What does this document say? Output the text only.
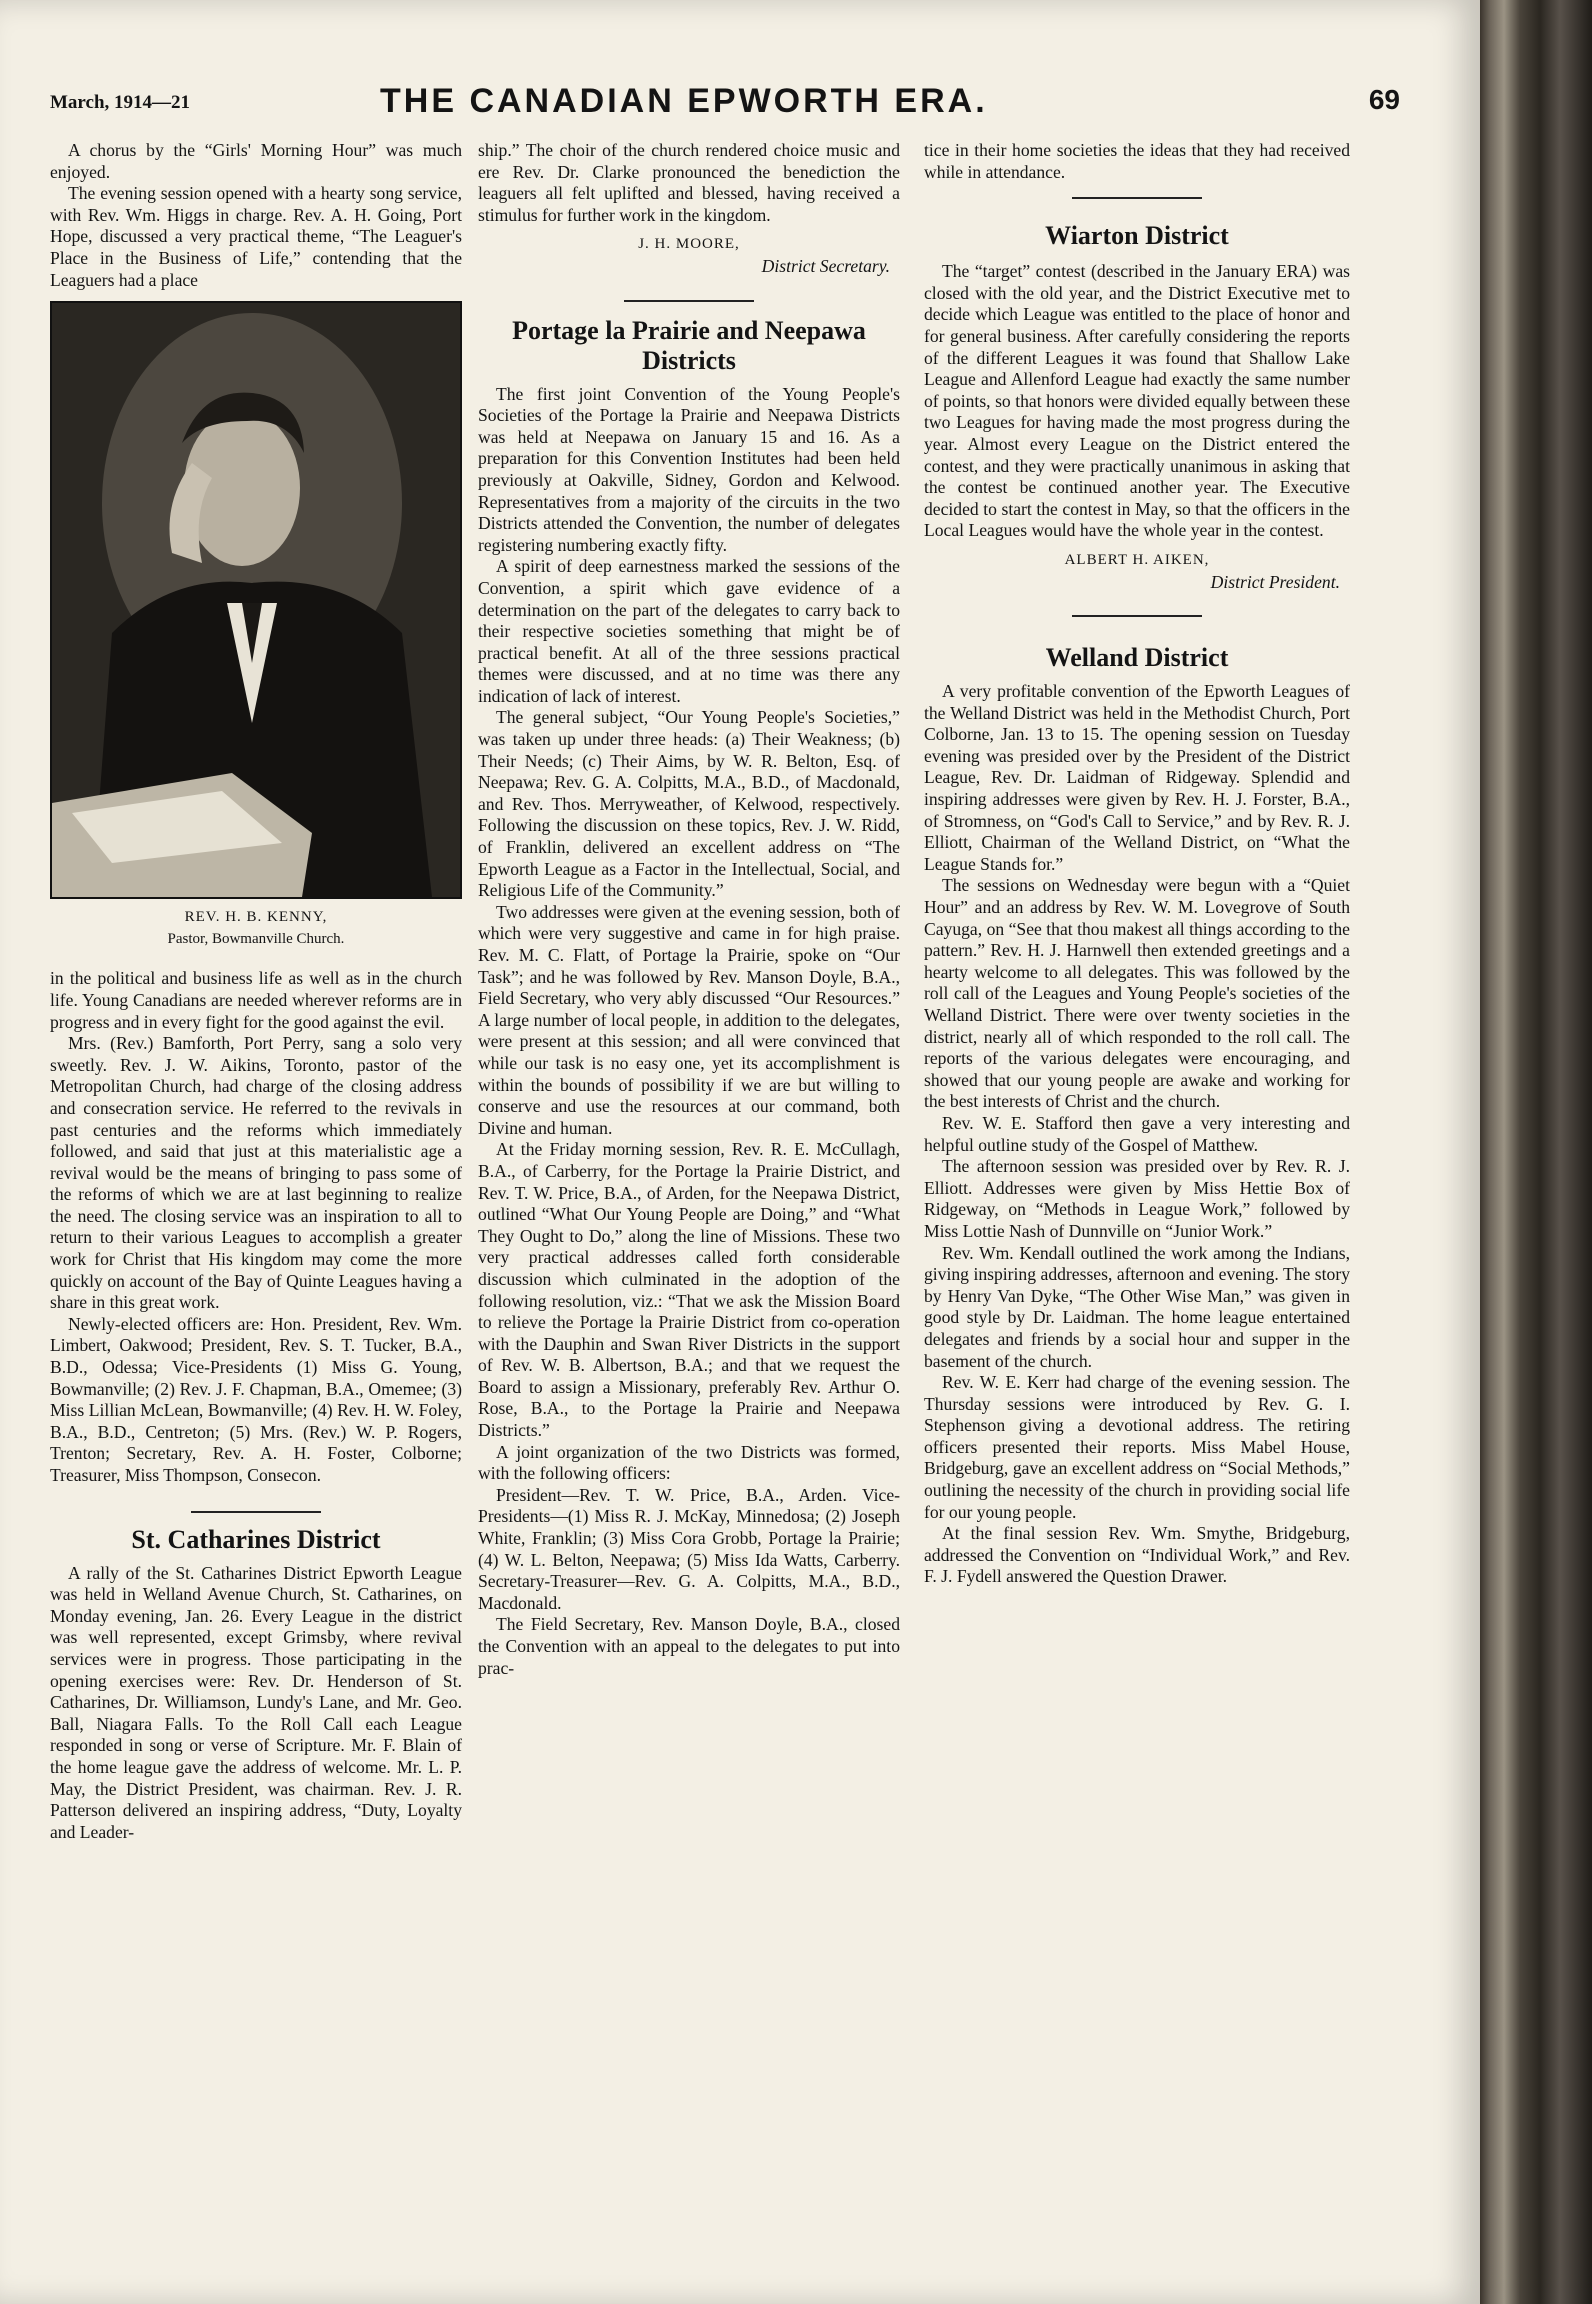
March, 1914—21	THE CANADIAN EPWORTH ERA.	69

A chorus by the “Girls' Morning Hour” was much enjoyed.

The evening session opened with a hearty song service, with Rev. Wm. Higgs in charge. Rev. A. H. Going, Port Hope, discussed a very practical theme, “The Leaguer's Place in the Business of Life,” contending that the Leaguers had a place

REV. H. B. KENNY,
Pastor, Bowmanville Church.

in the political and business life as well as in the church life. Young Canadians are needed wherever reforms are in progress and in every fight for the good against the evil.

Mrs. (Rev.) Bamforth, Port Perry, sang a solo very sweetly. Rev. J. W. Aikins, Toronto, pastor of the Metropolitan Church, had charge of the closing address and consecration service. He referred to the revivals in past centuries and the reforms which immediately followed, and said that just at this materialistic age a revival would be the means of bringing to pass some of the reforms of which we are at last beginning to realize the need. The closing service was an inspiration to all to return to their various Leagues to accomplish a greater work for Christ that His kingdom may come the more quickly on account of the Bay of Quinte Leagues having a share in this great work.

Newly-elected officers are: Hon. President, Rev. Wm. Limbert, Oakwood; President, Rev. S. T. Tucker, B.A., B.D., Odessa; Vice-Presidents (1) Miss G. Young, Bowmanville; (2) Rev. J. F. Chapman, B.A., Omemee; (3) Miss Lillian McLean, Bowmanville; (4) Rev. H. W. Foley, B.A., B.D., Centreton; (5) Mrs. (Rev.) W. P. Rogers, Trenton; Secretary, Rev. A. H. Foster, Colborne; Treasurer, Miss Thompson, Consecon.

St. Catharines District

A rally of the St. Catharines District Epworth League was held in Welland Avenue Church, St. Catharines, on Monday evening, Jan. 26. Every League in the district was well represented, except Grimsby, where revival services were in progress. Those participating in the opening exercises were: Rev. Dr. Henderson of St. Catharines, Dr. Williamson, Lundy's Lane, and Mr. Geo. Ball, Niagara Falls. To the Roll Call each League responded in song or verse of Scripture. Mr. F. Blain of the home league gave the address of welcome. Mr. L. P. May, the District President, was chairman. Rev. J. R. Patterson delivered an inspiring address, “Duty, Loyalty and Leader-

ship.” The choir of the church rendered choice music and ere Rev. Dr. Clarke pronounced the benediction the leaguers all felt uplifted and blessed, having received a stimulus for further work in the kingdom.

J. H. MOORE,
District Secretary.
Portage la Prairie and Neepawa Districts

The first joint Convention of the Young People's Societies of the Portage la Prairie and Neepawa Districts was held at Neepawa on January 15 and 16. As a preparation for this Convention Institutes had been held previously at Oakville, Sidney, Gordon and Kelwood. Representatives from a majority of the circuits in the two Districts attended the Convention, the number of delegates registering numbering exactly fifty.

A spirit of deep earnestness marked the sessions of the Convention, a spirit which gave evidence of a determination on the part of the delegates to carry back to their respective societies something that might be of practical benefit. At all of the three sessions practical themes were discussed, and at no time was there any indication of lack of interest.

The general subject, “Our Young People's Societies,” was taken up under three heads: (a) Their Weakness; (b) Their Needs; (c) Their Aims, by W. R. Belton, Esq. of Neepawa; Rev. G. A. Colpitts, M.A., B.D., of Macdonald, and Rev. Thos. Merryweather, of Kelwood, respectively. Following the discussion on these topics, Rev. J. W. Ridd, of Franklin, delivered an excellent address on “The Epworth League as a Factor in the Intellectual, Social, and Religious Life of the Community.”

Two addresses were given at the evening session, both of which were very suggestive and came in for high praise. Rev. M. C. Flatt, of Portage la Prairie, spoke on “Our Task”; and he was followed by Rev. Manson Doyle, B.A., Field Secretary, who very ably discussed “Our Resources.” A large number of local people, in addition to the delegates, were present at this session; and all were convinced that while our task is no easy one, yet its accomplishment is within the bounds of possibility if we are but willing to conserve and use the resources at our command, both Divine and human.

At the Friday morning session, Rev. R. E. McCullagh, B.A., of Carberry, for the Portage la Prairie District, and Rev. T. W. Price, B.A., of Arden, for the Neepawa District, outlined “What Our Young People are Doing,” and “What They Ought to Do,” along the line of Missions. These two very practical addresses called forth considerable discussion which culminated in the adoption of the following resolution, viz.: “That we ask the Mission Board to relieve the Portage la Prairie District from co-operation with the Dauphin and Swan River Districts in the support of Rev. W. B. Albertson, B.A.; and that we request the Board to assign a Missionary, preferably Rev. Arthur O. Rose, B.A., to the Portage la Prairie and Neepawa Districts.”

A joint organization of the two Districts was formed, with the following officers:

President—Rev. T. W. Price, B.A., Arden. Vice-Presidents—(1) Miss R. J. McKay, Minnedosa; (2) Joseph White, Franklin; (3) Miss Cora Grobb, Portage la Prairie; (4) W. L. Belton, Neepawa; (5) Miss Ida Watts, Carberry. Secretary-Treasurer—Rev. G. A. Colpitts, M.A., B.D., Macdonald.

The Field Secretary, Rev. Manson Doyle, B.A., closed the Convention with an appeal to the delegates to put into prac-

tice in their home societies the ideas that they had received while in attendance.

Wiarton District

The “target” contest (described in the January ERA) was closed with the old year, and the District Executive met to decide which League was entitled to the place of honor and for general business. After carefully considering the reports of the different Leagues it was found that Shallow Lake League and Allenford League had exactly the same number of points, so that honors were divided equally between these two Leagues for having made the most progress during the year. Almost every League on the District entered the contest, and they were practically unanimous in asking that the contest be continued another year. The Executive decided to start the contest in May, so that the officers in the Local Leagues would have the whole year in the contest.

ALBERT H. AIKEN,
District President.
Welland District

A very profitable convention of the Epworth Leagues of the Welland District was held in the Methodist Church, Port Colborne, Jan. 13 to 15. The opening session on Tuesday evening was presided over by the President of the District League, Rev. Dr. Laidman of Ridgeway. Splendid and inspiring addresses were given by Rev. H. J. Forster, B.A., of Stromness, on “God's Call to Service,” and by Rev. R. J. Elliott, Chairman of the Welland District, on “What the League Stands for.”

The sessions on Wednesday were begun with a “Quiet Hour” and an address by Rev. W. M. Lovegrove of South Cayuga, on “See that thou makest all things according to the pattern.” Rev. H. J. Harnwell then extended greetings and a hearty welcome to all delegates. This was followed by the roll call of the Leagues and Young People's societies of the Welland District. There were over twenty societies in the district, nearly all of which responded to the roll call. The reports of the various delegates were encouraging, and showed that our young people are awake and working for the best interests of Christ and the church.

Rev. W. E. Stafford then gave a very interesting and helpful outline study of the Gospel of Matthew.

The afternoon session was presided over by Rev. R. J. Elliott. Addresses were given by Miss Hettie Box of Ridgeway, on “Methods in League Work,” followed by Miss Lottie Nash of Dunnville on “Junior Work.”

Rev. Wm. Kendall outlined the work among the Indians, giving inspiring addresses, afternoon and evening. The story by Henry Van Dyke, “The Other Wise Man,” was given in good style by Dr. Laidman. The home league entertained delegates and friends by a social hour and supper in the basement of the church.

Rev. W. E. Kerr had charge of the evening session. The Thursday sessions were introduced by Rev. G. I. Stephenson giving a devotional address. The retiring officers presented their reports. Miss Mabel House, Bridgeburg, gave an excellent address on “Social Methods,” outlining the necessity of the church in providing social life for our young people.

At the final session Rev. Wm. Smythe, Bridgeburg, addressed the Convention on “Individual Work,” and Rev. F. J. Fydell answered the Question Drawer.
